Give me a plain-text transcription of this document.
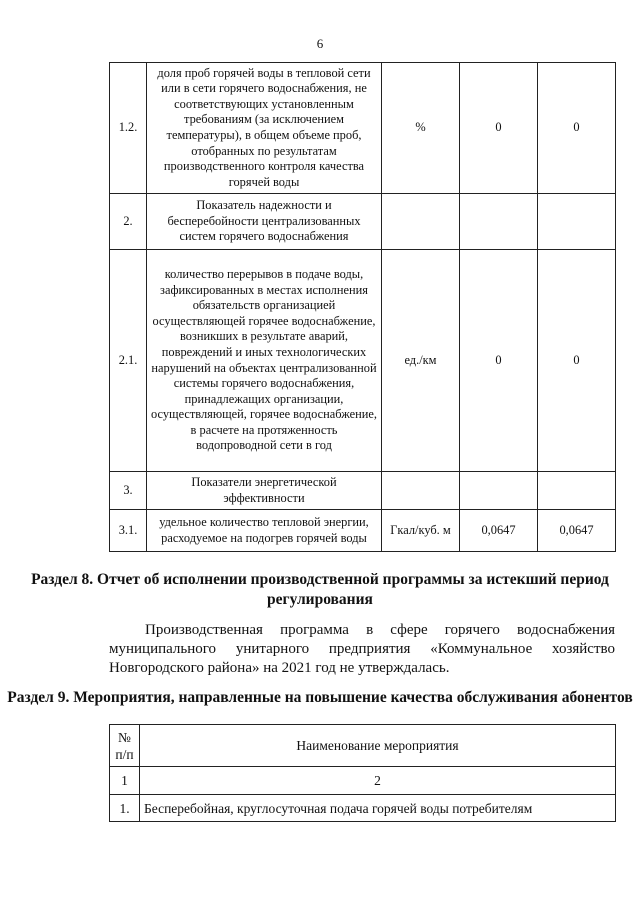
6
1.2.	доля проб горячей воды в тепловой сети или в сети горячего водоснабжения, не соответствующих установленным требованиям (за исключением температуры), в общем объеме проб, отобранных по результатам производственного контроля качества горячей воды	%	0	0
2.	Показатель надежности и бесперебойности централизованных систем горячего водоснабжения			
2.1.	количество перерывов в подаче воды, зафиксированных в местах исполнения обязательств организацией осуществляющей горячее водоснабжение, возникших в результате аварий, повреждений и иных технологических нарушений на объектах централизованной системы горячего водоснабжения, принадлежащих организации, осуществляющей, горячее водоснабжение, в расчете на протяженность водопроводной сети в год	ед./км	0	0
3.	Показатели энергетической эффективности			
3.1.	удельное количество тепловой энергии, расходуемое на подогрев горячей воды	Гкал/куб. м	0,0647	0,0647
Раздел 8. Отчет об исполнении производственной программы за истекший период регулирования
Производственная программа в сфере горячего водоснабжения муниципального унитарного предприятия «Коммунальное хозяйство Новгородского района» на 2021 год не утверждалась.
Раздел 9. Мероприятия, направленные на повышение качества обслуживания абонентов
№ п/п	Наименование мероприятия
1	2
1.	Бесперебойная, круглосуточная подача горячей воды потребителям
